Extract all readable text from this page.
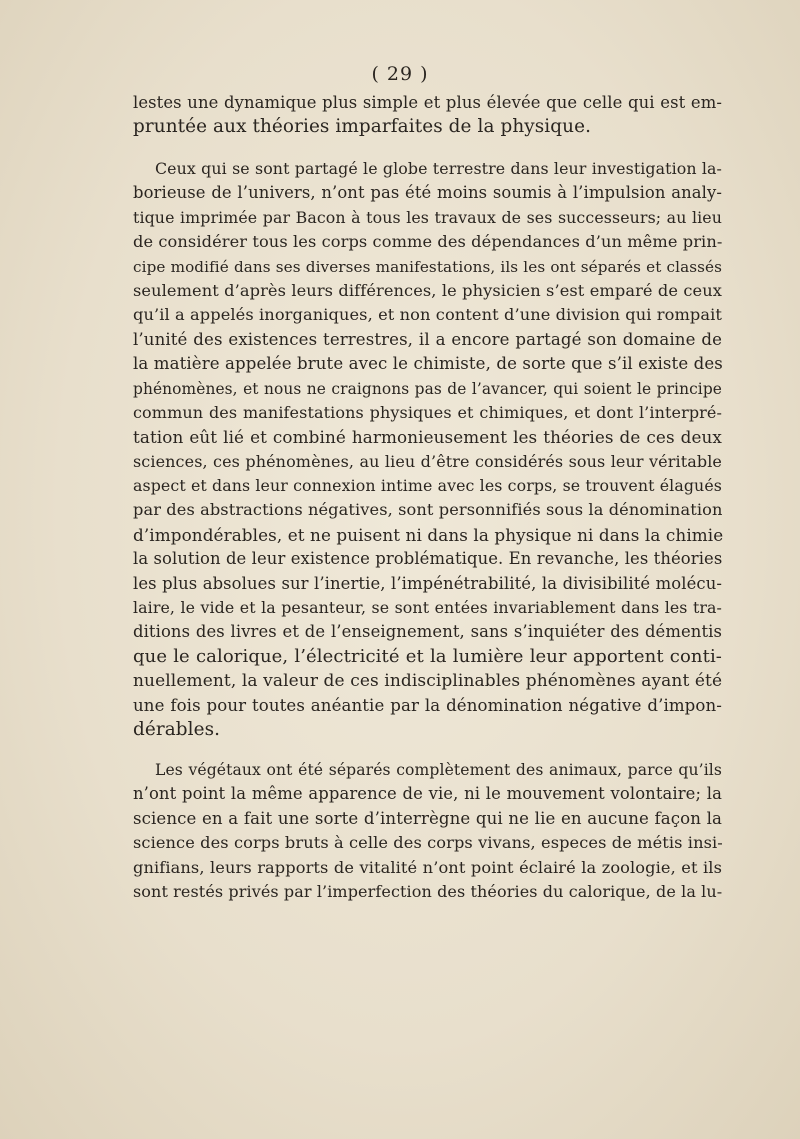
( 29 )
lestes une dynamique plus simple et plus élevée que celle qui est em-
pruntée aux théories imparfaites de la physique.
Ceux qui se sont partagé le globe terrestre dans leur investigation la-
borieuse de l’univers, n’ont pas été moins soumis à l’impulsion analy-
tique imprimée par Bacon à tous les travaux de ses successeurs; au lieu
de considérer tous les corps comme des dépendances d’un même prin-
cipe modifié dans ses diverses manifestations, ils les ont séparés et classés
seulement d’après leurs différences, le physicien s’est emparé de ceux
qu’il a appelés inorganiques, et non content d’une division qui rompait
l’unité des existences terrestres, il a encore partagé son domaine de
la matière appelée brute avec le chimiste, de sorte que s’il existe des
phénomènes, et nous ne craignons pas de l’avancer, qui soient le principe
commun des manifestations physiques et chimiques, et dont l’interpré-
tation eût lié et combiné harmonieusement les théories de ces deux
sciences, ces phénomènes, au lieu d’être considérés sous leur véritable
aspect et dans leur connexion intime avec les corps, se trouvent élagués
par des abstractions négatives, sont personnifiés sous la dénomination
d’impondérables, et ne puisent ni dans la physique ni dans la chimie
la solution de leur existence problématique. En revanche, les théories
les plus absolues sur l’inertie, l’impénétrabilité, la divisibilité molécu-
laire, le vide et la pesanteur, se sont entées invariablement dans les tra-
ditions des livres et de l’enseignement, sans s’inquiéter des démentis
que le calorique, l’électricité et la lumière leur apportent conti-
nuellement, la valeur de ces indisciplinables phénomènes ayant été
une fois pour toutes anéantie par la dénomination négative d’impon-
dérables.
Les végétaux ont été séparés complètement des animaux, parce qu’ils
n’ont point la même apparence de vie, ni le mouvement volontaire; la
science en a fait une sorte d’interrègne qui ne lie en aucune façon la
science des corps bruts à celle des corps vivans, especes de métis insi-
gnifians, leurs rapports de vitalité n’ont point éclairé la zoologie, et ils
sont restés privés par l’imperfection des théories du calorique, de la lu-
